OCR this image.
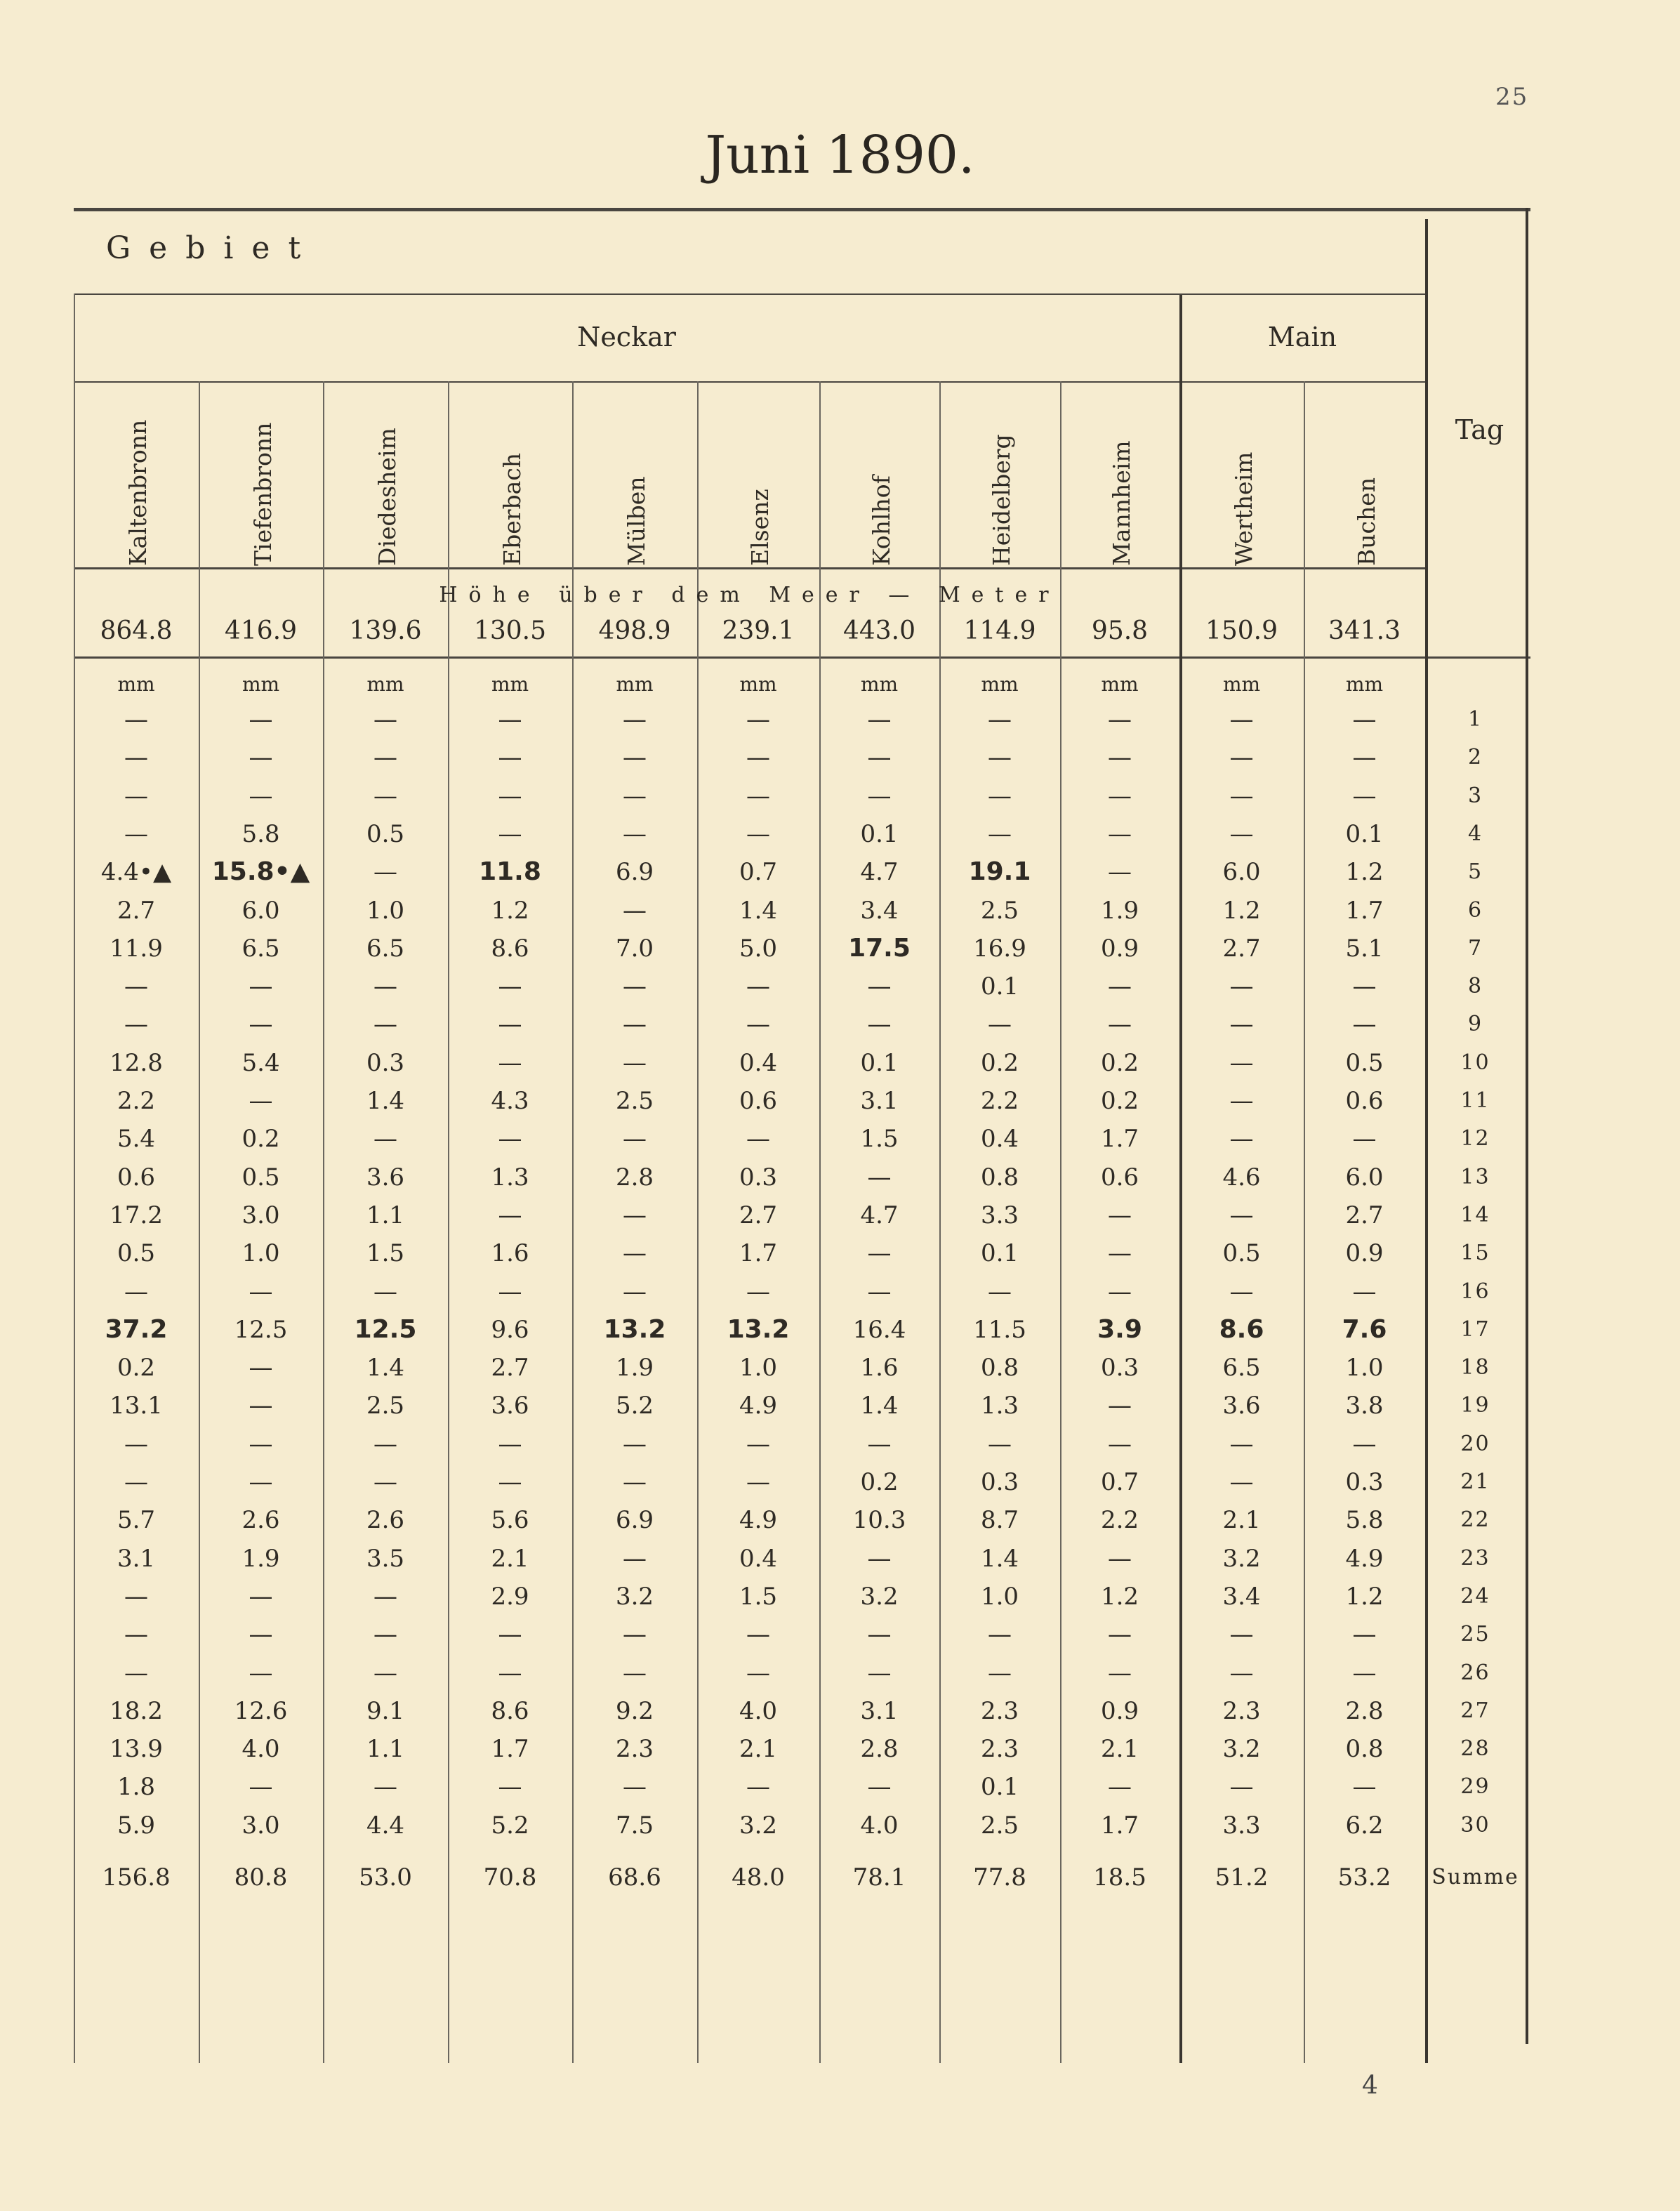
25
Juni 1890.
Gebiet
Neckar	Main
Tag
Kaltenbronn	Tiefenbronn	Diedesheim	Eberbach	Mülben	Elsenz	Kohlhof	Heidelberg	Mannheim	Wertheim	Buchen
Höhe über dem Meer — Meter
864.8	416.9	139.6	130.5	498.9	239.1	443.0	114.9	95.8	150.9	341.3
mm	mm	mm	mm	mm	mm	mm	mm	mm	mm	mm
—	—	—	—	—	—	—	—	—	—	—	1
—	—	—	—	—	—	—	—	—	—	—	2
—	—	—	—	—	—	—	—	—	—	—	3
—	5.8	0.5	—	—	—	0.1	—	—	—	0.1	4
4.4•▲	15.8•▲	—	11.8	6.9	0.7	4.7	19.1	—	6.0	1.2	5
2.7	6.0	1.0	1.2	—	1.4	3.4	2.5	1.9	1.2	1.7	6
11.9	6.5	6.5	8.6	7.0	5.0	17.5	16.9	0.9	2.7	5.1	7
—	—	—	—	—	—	—	0.1	—	—	—	8
—	—	—	—	—	—	—	—	—	—	—	9
12.8	5.4	0.3	—	—	0.4	0.1	0.2	0.2	—	0.5	10
2.2	—	1.4	4.3	2.5	0.6	3.1	2.2	0.2	—	0.6	11
5.4	0.2	—	—	—	—	1.5	0.4	1.7	—	—	12
0.6	0.5	3.6	1.3	2.8	0.3	—	0.8	0.6	4.6	6.0	13
17.2	3.0	1.1	—	—	2.7	4.7	3.3	—	—	2.7	14
0.5	1.0	1.5	1.6	—	1.7	—	0.1	—	0.5	0.9	15
—	—	—	—	—	—	—	—	—	—	—	16
37.2	12.5	12.5	9.6	13.2	13.2	16.4	11.5	3.9	8.6	7.6	17
0.2	—	1.4	2.7	1.9	1.0	1.6	0.8	0.3	6.5	1.0	18
13.1	—	2.5	3.6	5.2	4.9	1.4	1.3	—	3.6	3.8	19
—	—	—	—	—	—	—	—	—	—	—	20
—	—	—	—	—	—	0.2	0.3	0.7	—	0.3	21
5.7	2.6	2.6	5.6	6.9	4.9	10.3	8.7	2.2	2.1	5.8	22
3.1	1.9	3.5	2.1	—	0.4	—	1.4	—	3.2	4.9	23
—	—	—	2.9	3.2	1.5	3.2	1.0	1.2	3.4	1.2	24
—	—	—	—	—	—	—	—	—	—	—	25
—	—	—	—	—	—	—	—	—	—	—	26
18.2	12.6	9.1	8.6	9.2	4.0	3.1	2.3	0.9	2.3	2.8	27
13.9	4.0	1.1	1.7	2.3	2.1	2.8	2.3	2.1	3.2	0.8	28
1.8	—	—	—	—	—	—	0.1	—	—	—	29
5.9	3.0	4.4	5.2	7.5	3.2	4.0	2.5	1.7	3.3	6.2	30
156.8	80.8	53.0	70.8	68.6	48.0	78.1	77.8	18.5	51.2	53.2	Summe
4
